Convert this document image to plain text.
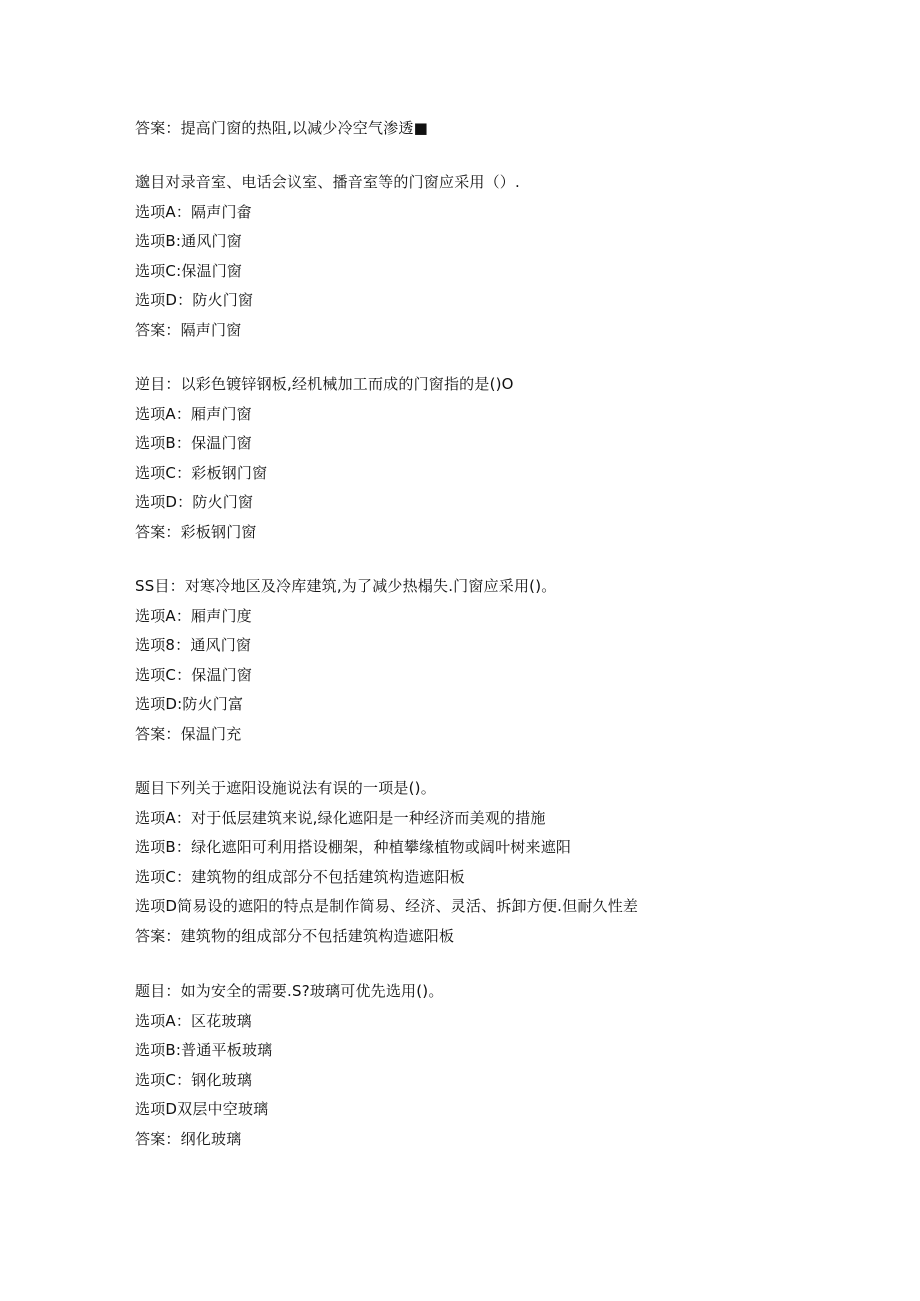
答案：提高门窗的热阻,以减少冷空气渗透■
邈目对录音室、电话会议室、播音室等的门窗应采用（）.
选项A：隔声门畲
选项B:通风门窗
选项C:保温门窗
选项D：防火门窗
答案：隔声门窗
逆目：以彩色镀锌钢板,经机械加工而成的门窗指的是()O
选项A：厢声门窗
选项B：保温门窗
选项C：彩板钢门窗
选项D：防火门窗
答案：彩板钢门窗
SS目：对寒冷地区及冷库建筑,为了减少热榻失.门窗应采用()。
选项A：厢声门度
选项8：通风门窗
选项C：保温门窗
选项D:防火门富
答案：保温门充
题目下列关于遮阳设施说法有误的一项是()。
选项A：对于低层建筑来说,绿化遮阳是一种经济而美观的措施
选项B：绿化遮阳可利用搭设棚架，种植攀缘植物或阔叶树来遮阳
选项C：建筑物的组成部分不包括建筑构造遮阳板
选项D简易设的遮阳的特点是制作简易、经济、灵活、拆卸方便.但耐久性差
答案：建筑物的组成部分不包括建筑构造遮阳板
题目：如为安全的需要.S?玻璃可优先选用()。
选项A：区花玻璃
选项B:普通平板玻璃
选项C：钢化玻璃
选项D双层中空玻璃
答案：纲化玻璃
